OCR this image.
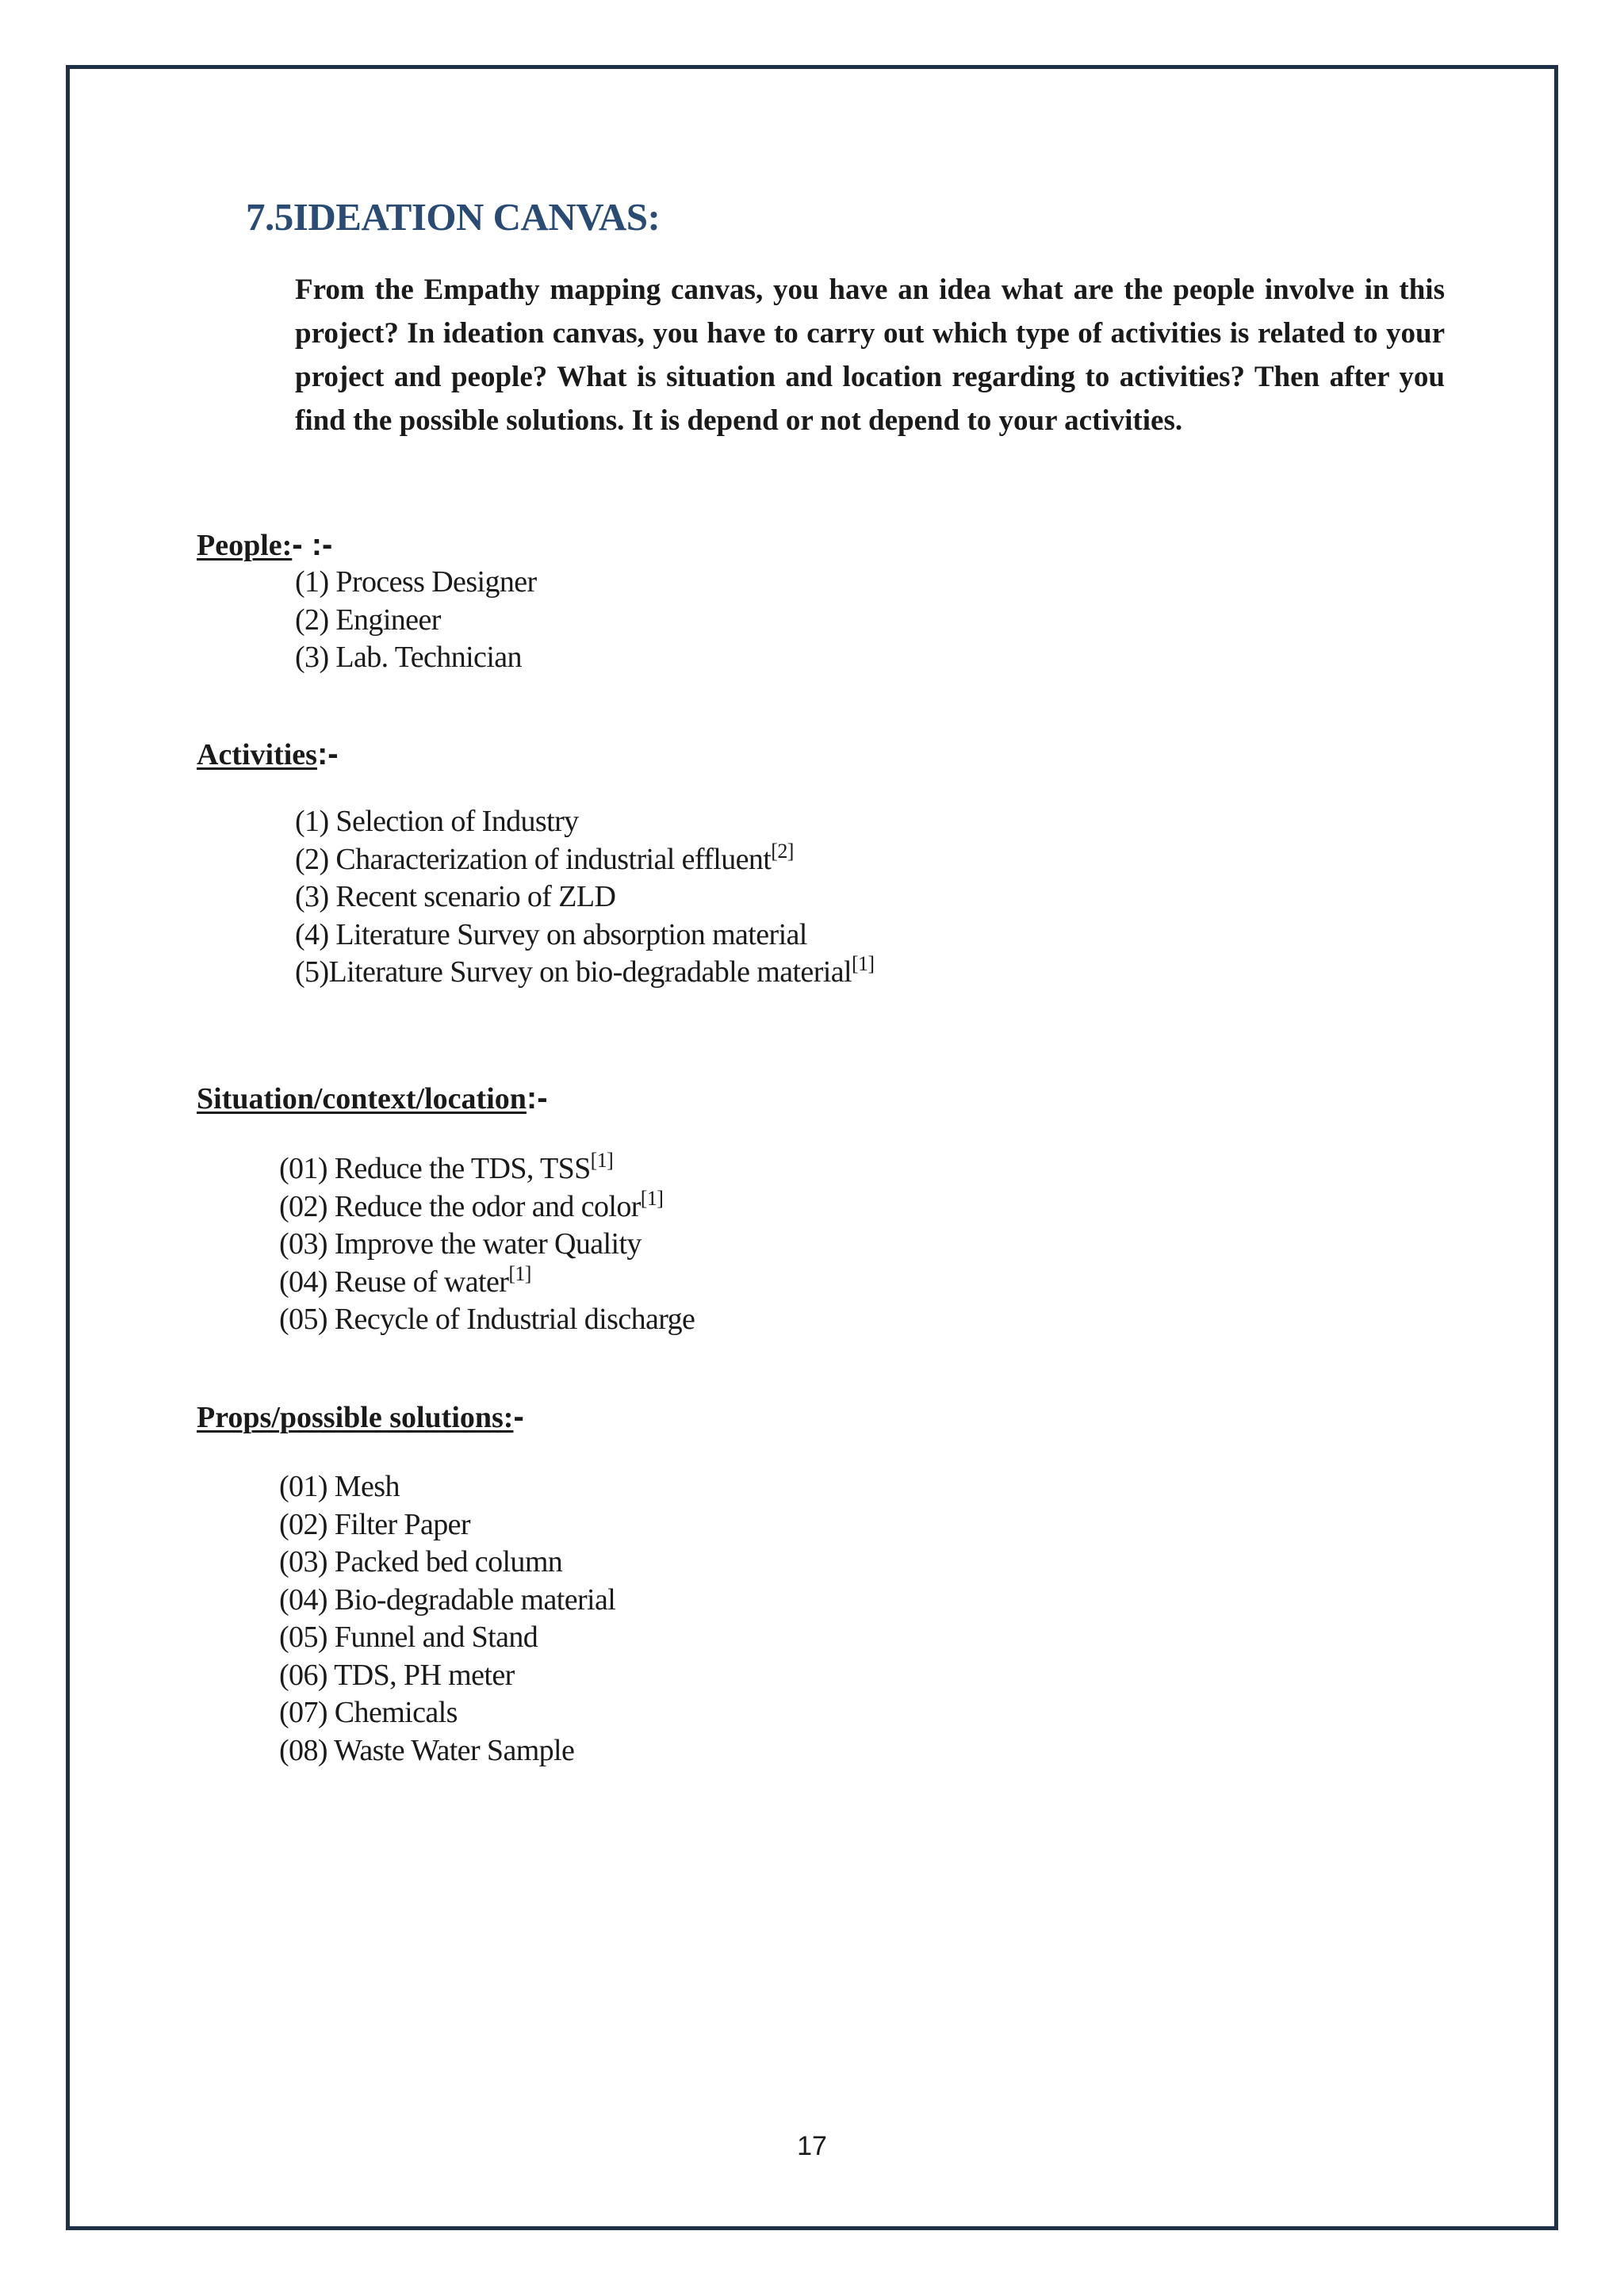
7.5IDEATION CANVAS:

From the Empathy mapping canvas, you have an idea what are the people involve in this project? In ideation canvas, you have to carry out which type of activities is related to your project and people? What is situation and location regarding to activities? Then after you find the possible solutions. It is depend or not depend to your activities.

People:- :-
(1) Process Designer
(2) Engineer
(3) Lab. Technician
Activities:-
(1) Selection of Industry
(2) Characterization of industrial effluent[2]
(3) Recent scenario of ZLD
(4) Literature Survey on absorption material
(5)Literature Survey on bio-degradable material[1]
Situation/context/location:-
(01) Reduce the TDS, TSS[1]
(02) Reduce the odor and color[1]
(03) Improve the water Quality
(04) Reuse of water[1]
(05) Recycle of Industrial discharge
Props/possible solutions:-
(01) Mesh
(02) Filter Paper
(03) Packed bed column
(04) Bio-degradable material
(05) Funnel and Stand
(06) TDS, PH meter
(07) Chemicals
(08) Waste Water Sample

17
